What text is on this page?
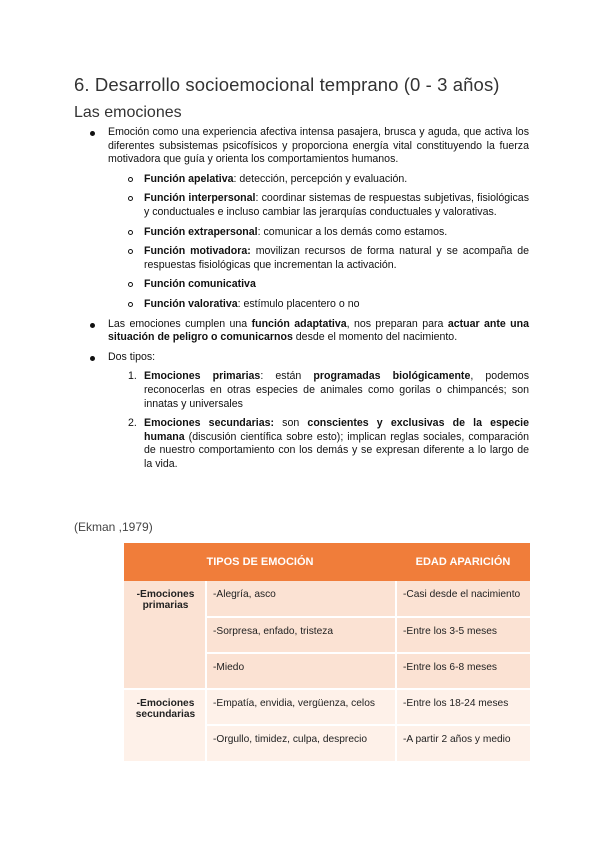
6. Desarrollo socioemocional temprano (0 - 3 años)
Las emociones
Emoción como una experiencia afectiva intensa pasajera, brusca y aguda, que activa los diferentes subsistemas psicofísicos y proporciona energía vital constituyendo la fuerza motivadora que guía y orienta los comportamientos humanos.
Función apelativa: detección, percepción y evaluación.
Función interpersonal: coordinar sistemas de respuestas subjetivas, fisiológicas y conductuales e incluso cambiar las jerarquías conductuales y valorativas.
Función extrapersonal: comunicar a los demás como estamos.
Función motivadora: movilizan recursos de forma natural y se acompaña de respuestas fisiológicas que incrementan la activación.
Función comunicativa
Función valorativa: estímulo placentero o no
Las emociones cumplen una función adaptativa, nos preparan para actuar ante una situación de peligro o comunicarnos desde el momento del nacimiento.
Dos tipos:
1. Emociones primarias: están programadas biológicamente, podemos reconocerlas en otras especies de animales como gorilas o chimpancés; son innatas y universales
2. Emociones secundarias: son conscientes y exclusivas de la especie humana (discusión científica sobre esto); implican reglas sociales, comparación de nuestro comportamiento con los demás y se expresan diferente a lo largo de la vida.

(Ekman ,1979)

TIPOS DE EMOCIÓN		EDAD APARICIÓN
-Emociones primarias	-Alegría, asco	-Casi desde el nacimiento
	-Sorpresa, enfado, tristeza	-Entre los 3-5 meses
	-Miedo	-Entre los 6-8 meses
-Emociones secundarias	-Empatía, envidia, vergüenza, celos	-Entre los 18-24 meses
	-Orgullo, timidez, culpa, desprecio	-A partir 2 años y medio
